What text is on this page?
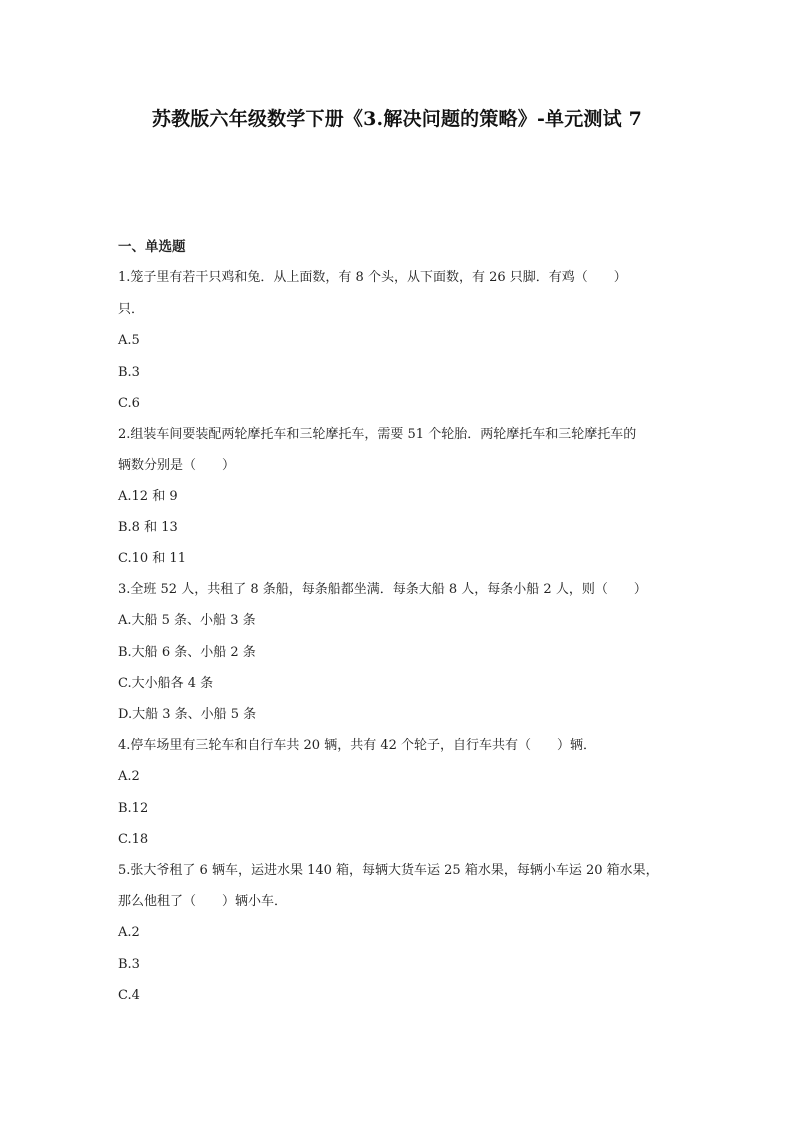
苏教版六年级数学下册《3.解决问题的策略》-单元测试 7
一、单选题
1.笼子里有若干只鸡和兔．从上面数，有 8 个头，从下面数，有 26 只脚．有鸡（　　）
只．
A.5
B.3
C.6
2.组装车间要装配两轮摩托车和三轮摩托车，需要 51 个轮胎．两轮摩托车和三轮摩托车的
辆数分别是（　　）
A.12 和 9
B.8 和 13
C.10 和 11
3.全班 52 人，共租了 8 条船，每条船都坐满．每条大船 8 人，每条小船 2 人，则（　　）
A.大船 5 条、小船 3 条
B.大船 6 条、小船 2 条
C.大小船各 4 条
D.大船 3 条、小船 5 条
4.停车场里有三轮车和自行车共 20 辆，共有 42 个轮子，自行车共有（　　）辆．
A.2
B.12
C.18
5.张大爷租了 6 辆车，运进水果 140 箱，每辆大货车运 25 箱水果，每辆小车运 20 箱水果，
那么他租了（　　）辆小车．
A.2
B.3
C.4
